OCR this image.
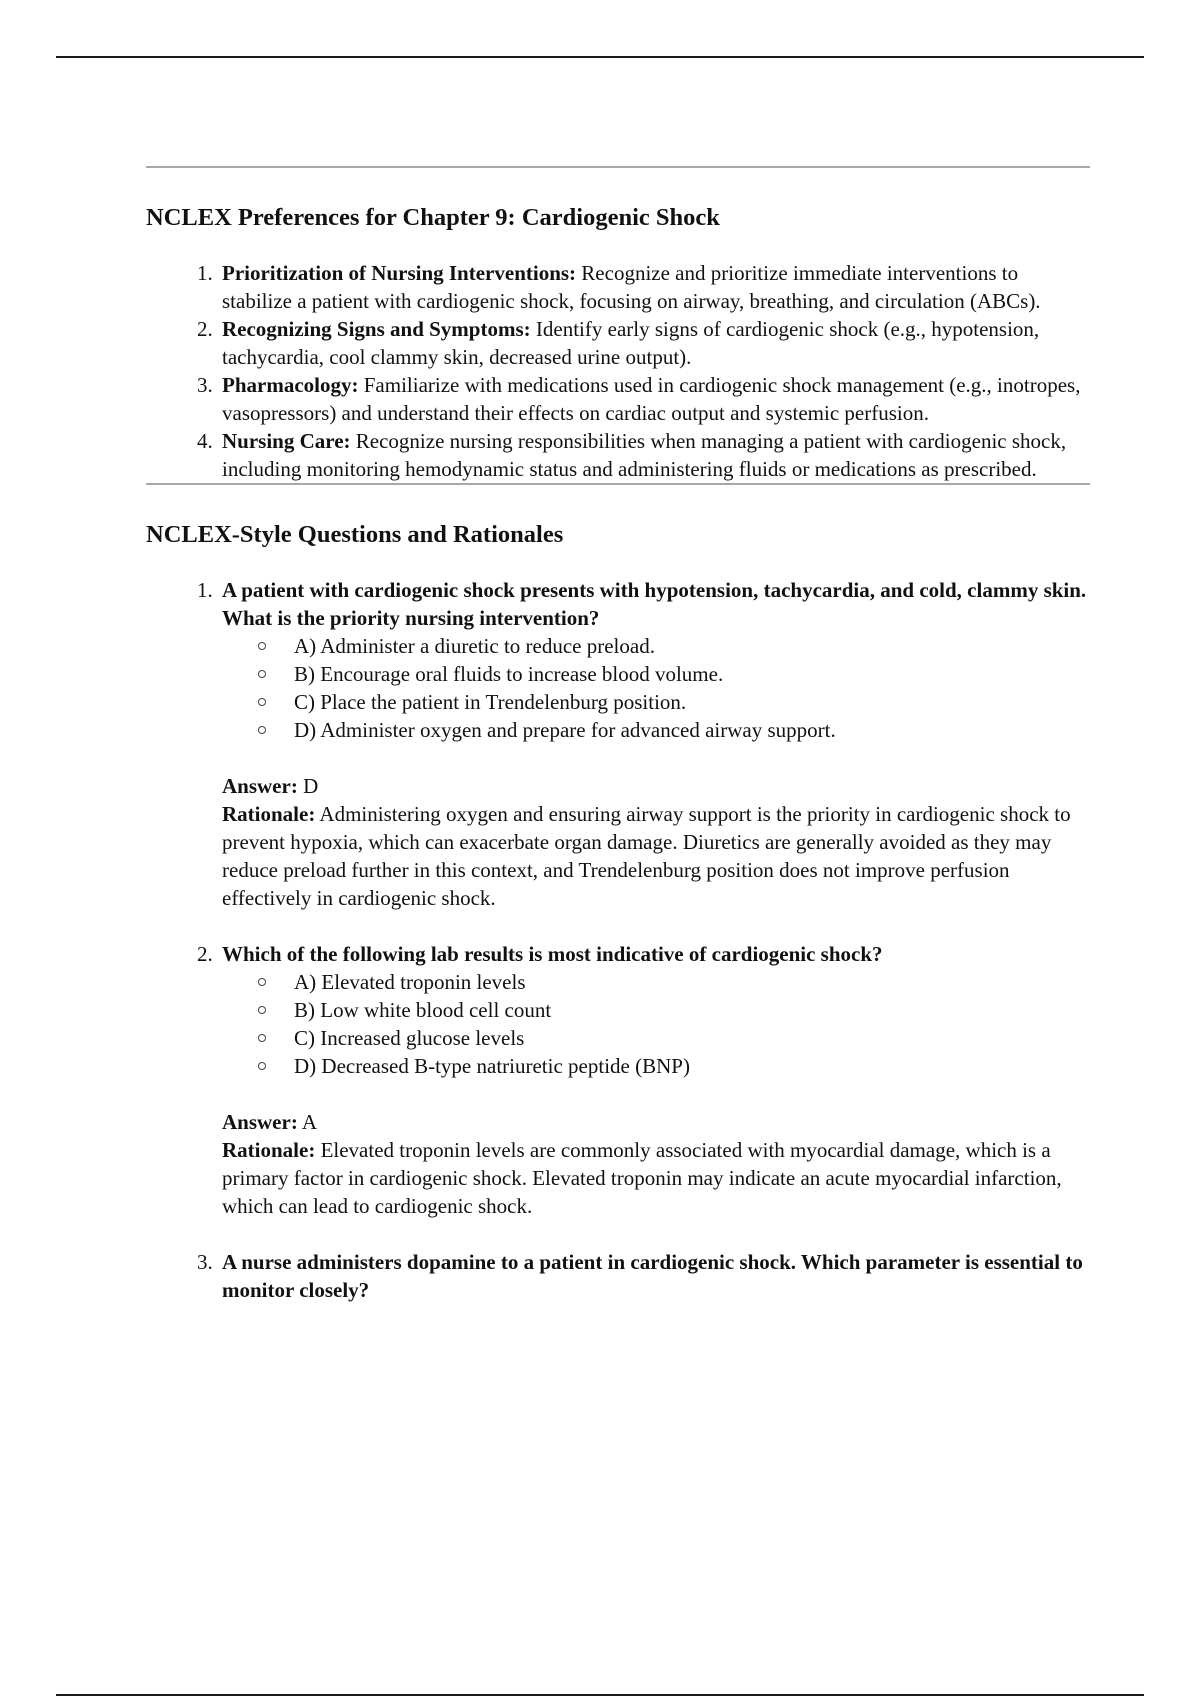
NCLEX Preferences for Chapter 9: Cardiogenic Shock
1. Prioritization of Nursing Interventions: Recognize and prioritize immediate interventions to stabilize a patient with cardiogenic shock, focusing on airway, breathing, and circulation (ABCs).
2. Recognizing Signs and Symptoms: Identify early signs of cardiogenic shock (e.g., hypotension, tachycardia, cool clammy skin, decreased urine output).
3. Pharmacology: Familiarize with medications used in cardiogenic shock management (e.g., inotropes, vasopressors) and understand their effects on cardiac output and systemic perfusion.
4. Nursing Care: Recognize nursing responsibilities when managing a patient with cardiogenic shock, including monitoring hemodynamic status and administering fluids or medications as prescribed.
NCLEX-Style Questions and Rationales
1. A patient with cardiogenic shock presents with hypotension, tachycardia, and cold, clammy skin. What is the priority nursing intervention?
A) Administer a diuretic to reduce preload.
B) Encourage oral fluids to increase blood volume.
C) Place the patient in Trendelenburg position.
D) Administer oxygen and prepare for advanced airway support.
Answer: D
Rationale: Administering oxygen and ensuring airway support is the priority in cardiogenic shock to prevent hypoxia, which can exacerbate organ damage. Diuretics are generally avoided as they may reduce preload further in this context, and Trendelenburg position does not improve perfusion effectively in cardiogenic shock.
2. Which of the following lab results is most indicative of cardiogenic shock?
A) Elevated troponin levels
B) Low white blood cell count
C) Increased glucose levels
D) Decreased B-type natriuretic peptide (BNP)
Answer: A
Rationale: Elevated troponin levels are commonly associated with myocardial damage, which is a primary factor in cardiogenic shock. Elevated troponin may indicate an acute myocardial infarction, which can lead to cardiogenic shock.
3. A nurse administers dopamine to a patient in cardiogenic shock. Which parameter is essential to monitor closely?
